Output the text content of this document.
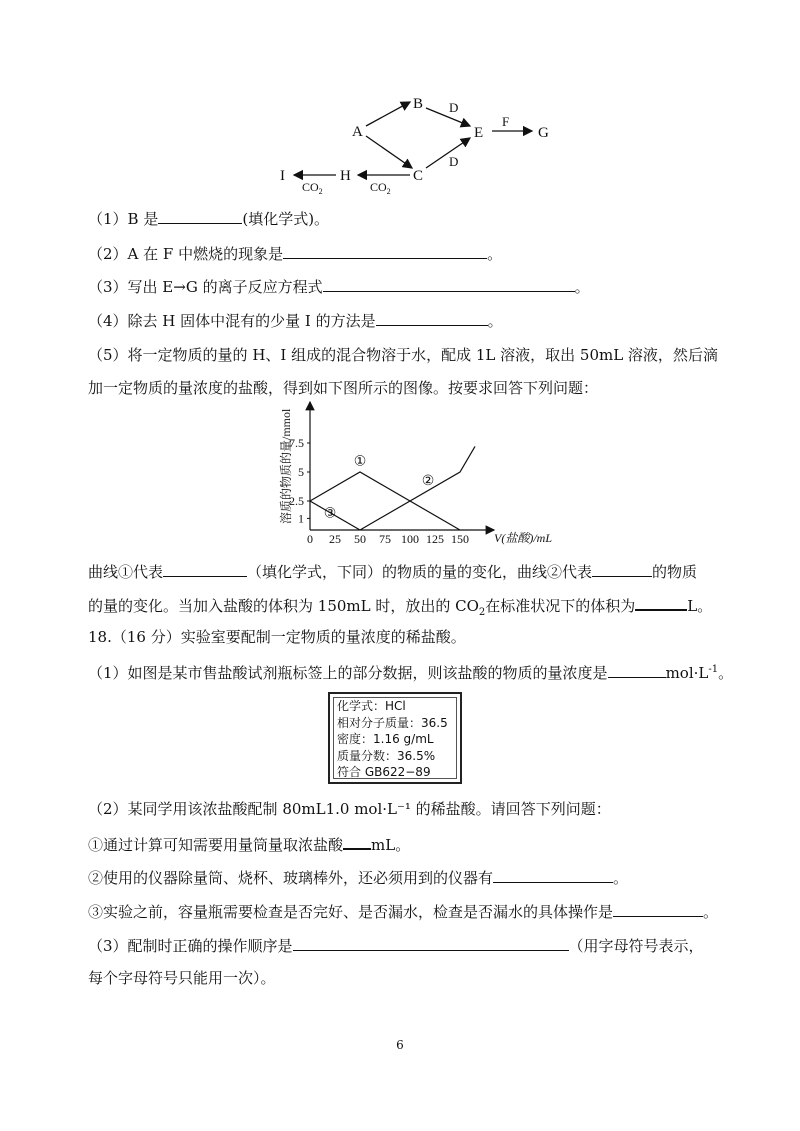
A
B
C
E	G
H
I
D
D
F
$CO_2$
$CO_2$
（1）B 是	(填化学式)。
（2）A 在 F 中燃烧的现象是	。
（3）写出 E→G 的离子反应方程式	。
（4）除去 H 固体中混有的少量 I 的方法是	。
（5）将一定物质的量的 H、I 组成的混合物溶于水，配成 1L 溶液，取出 50mL 溶液，然后滴
加一定物质的量浓度的盐酸，得到如下图所示的图像。按要求回答下列问题：
溶质的物质的量/mmol
V(盐酸)/mL
0 25 50 75 100 125 150
1
2.5
5
7.5
①
②
③
曲线①代表	（填化学式，下同）的物质的量的变化，曲线②代表	的物质
的量的变化。当加入盐酸的体积为 150mL 时，放出的 $CO_2$在标准状况下的体积为	L。
18.（16 分）实验室要配制一定物质的量浓度的稀盐酸。
（1）如图是某市售盐酸试剂瓶标签上的部分数据，则该盐酸的物质的量浓度是	$mol\cdot L^{-1}$。
化学式：HCl
相对分子质量：36.5
密度：1.16 g/mL
质量分数：36.5%
符合 GB622−89
（2）某同学用该浓盐酸配制 80mL1.0 mol·L⁻¹ 的稀盐酸。请回答下列问题：
①通过计算可知需要用量筒量取浓盐酸 mL。
②使用的仪器除量筒、烧杯、玻璃棒外，还必须用到的仪器有	。
③实验之前，容量瓶需要检查是否完好、是否漏水，检查是否漏水的具体操作是	。
（3）配制时正确的操作顺序是	（用字母符号表示，
每个字母符号只能用一次）。
6
